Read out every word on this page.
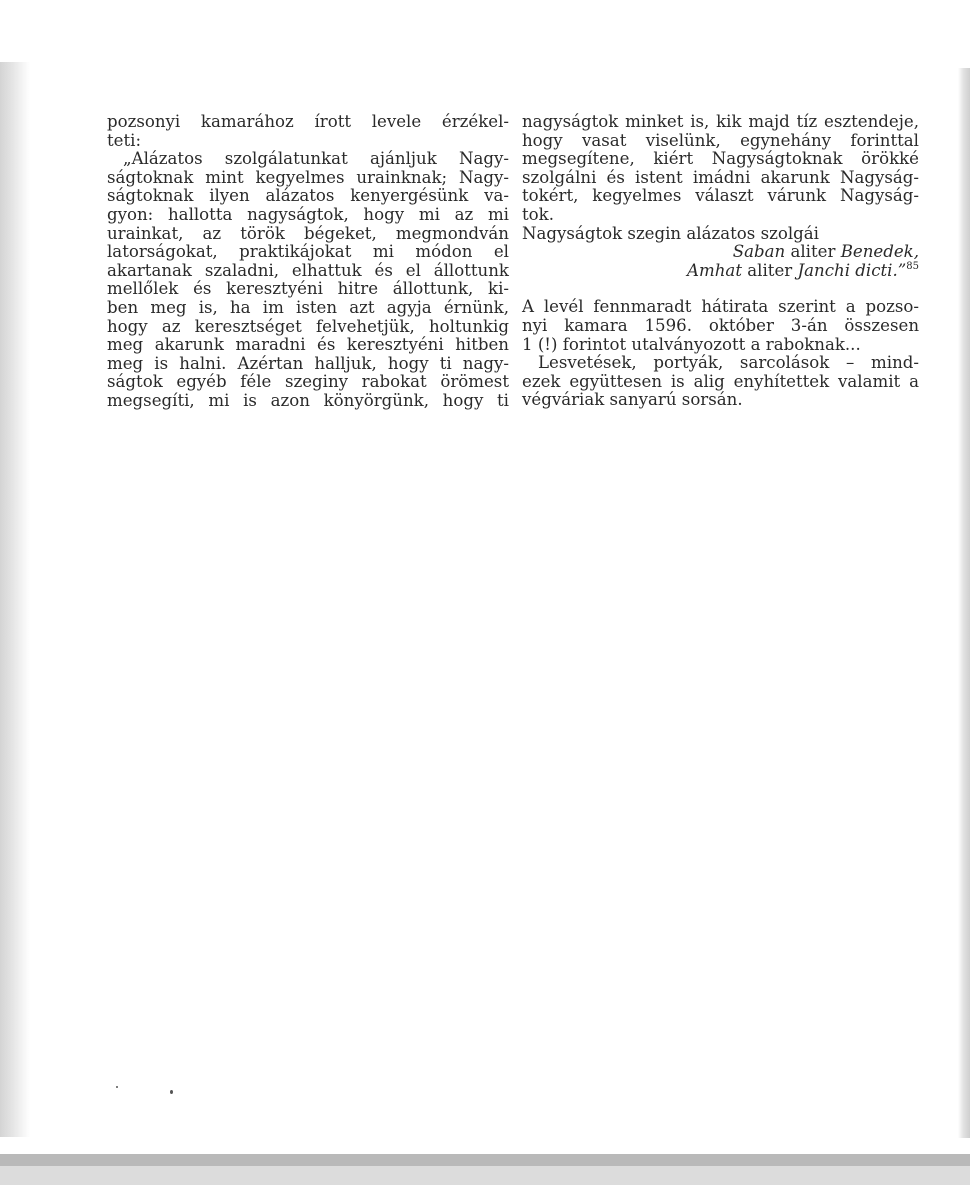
pozsonyi kamarához írott levele érzékel-
teti:
„Alázatos szolgálatunkat ajánljuk Nagy-
ságtoknak mint kegyelmes urainknak; Nagy-
ságtoknak ilyen alázatos kenyergésünk va-
gyon: hallotta nagyságtok, hogy mi az mi
urainkat, az török bégeket, megmondván
latorságokat, praktikájokat mi módon el
akartanak szaladni, elhattuk és el állottunk
mellőlek és keresztyéni hitre állottunk, ki-
ben meg is, ha im isten azt agyja érnünk,
hogy az keresztséget felvehetjük, holtunkig
meg akarunk maradni és keresztyéni hitben
meg is halni. Azértan halljuk, hogy ti nagy-
ságtok egyéb féle szeginy rabokat örömest
megsegíti, mi is azon könyörgünk, hogy ti
nagyságtok minket is, kik majd tíz esztendeje,
hogy vasat viselünk, egynehány forinttal
megsegítene, kiért Nagyságtoknak örökké
szolgálni és istent imádni akarunk Nagyság-
tokért, kegyelmes választ várunk Nagyság-
tok.
Nagyságtok szegin alázatos szolgái
Saban aliter Benedek,
Amhat aliter Janchi dicti.”$^{85}$
A levél fennmaradt hátirata szerint a pozso-
nyi kamara 1596. október 3-án összesen
1 (!) forintot utalványozott a raboknak...
Lesvetések, portyák, sarcolások – mind-
ezek együttesen is alig enyhítettek valamit a
végváriak sanyarú sorsán.
